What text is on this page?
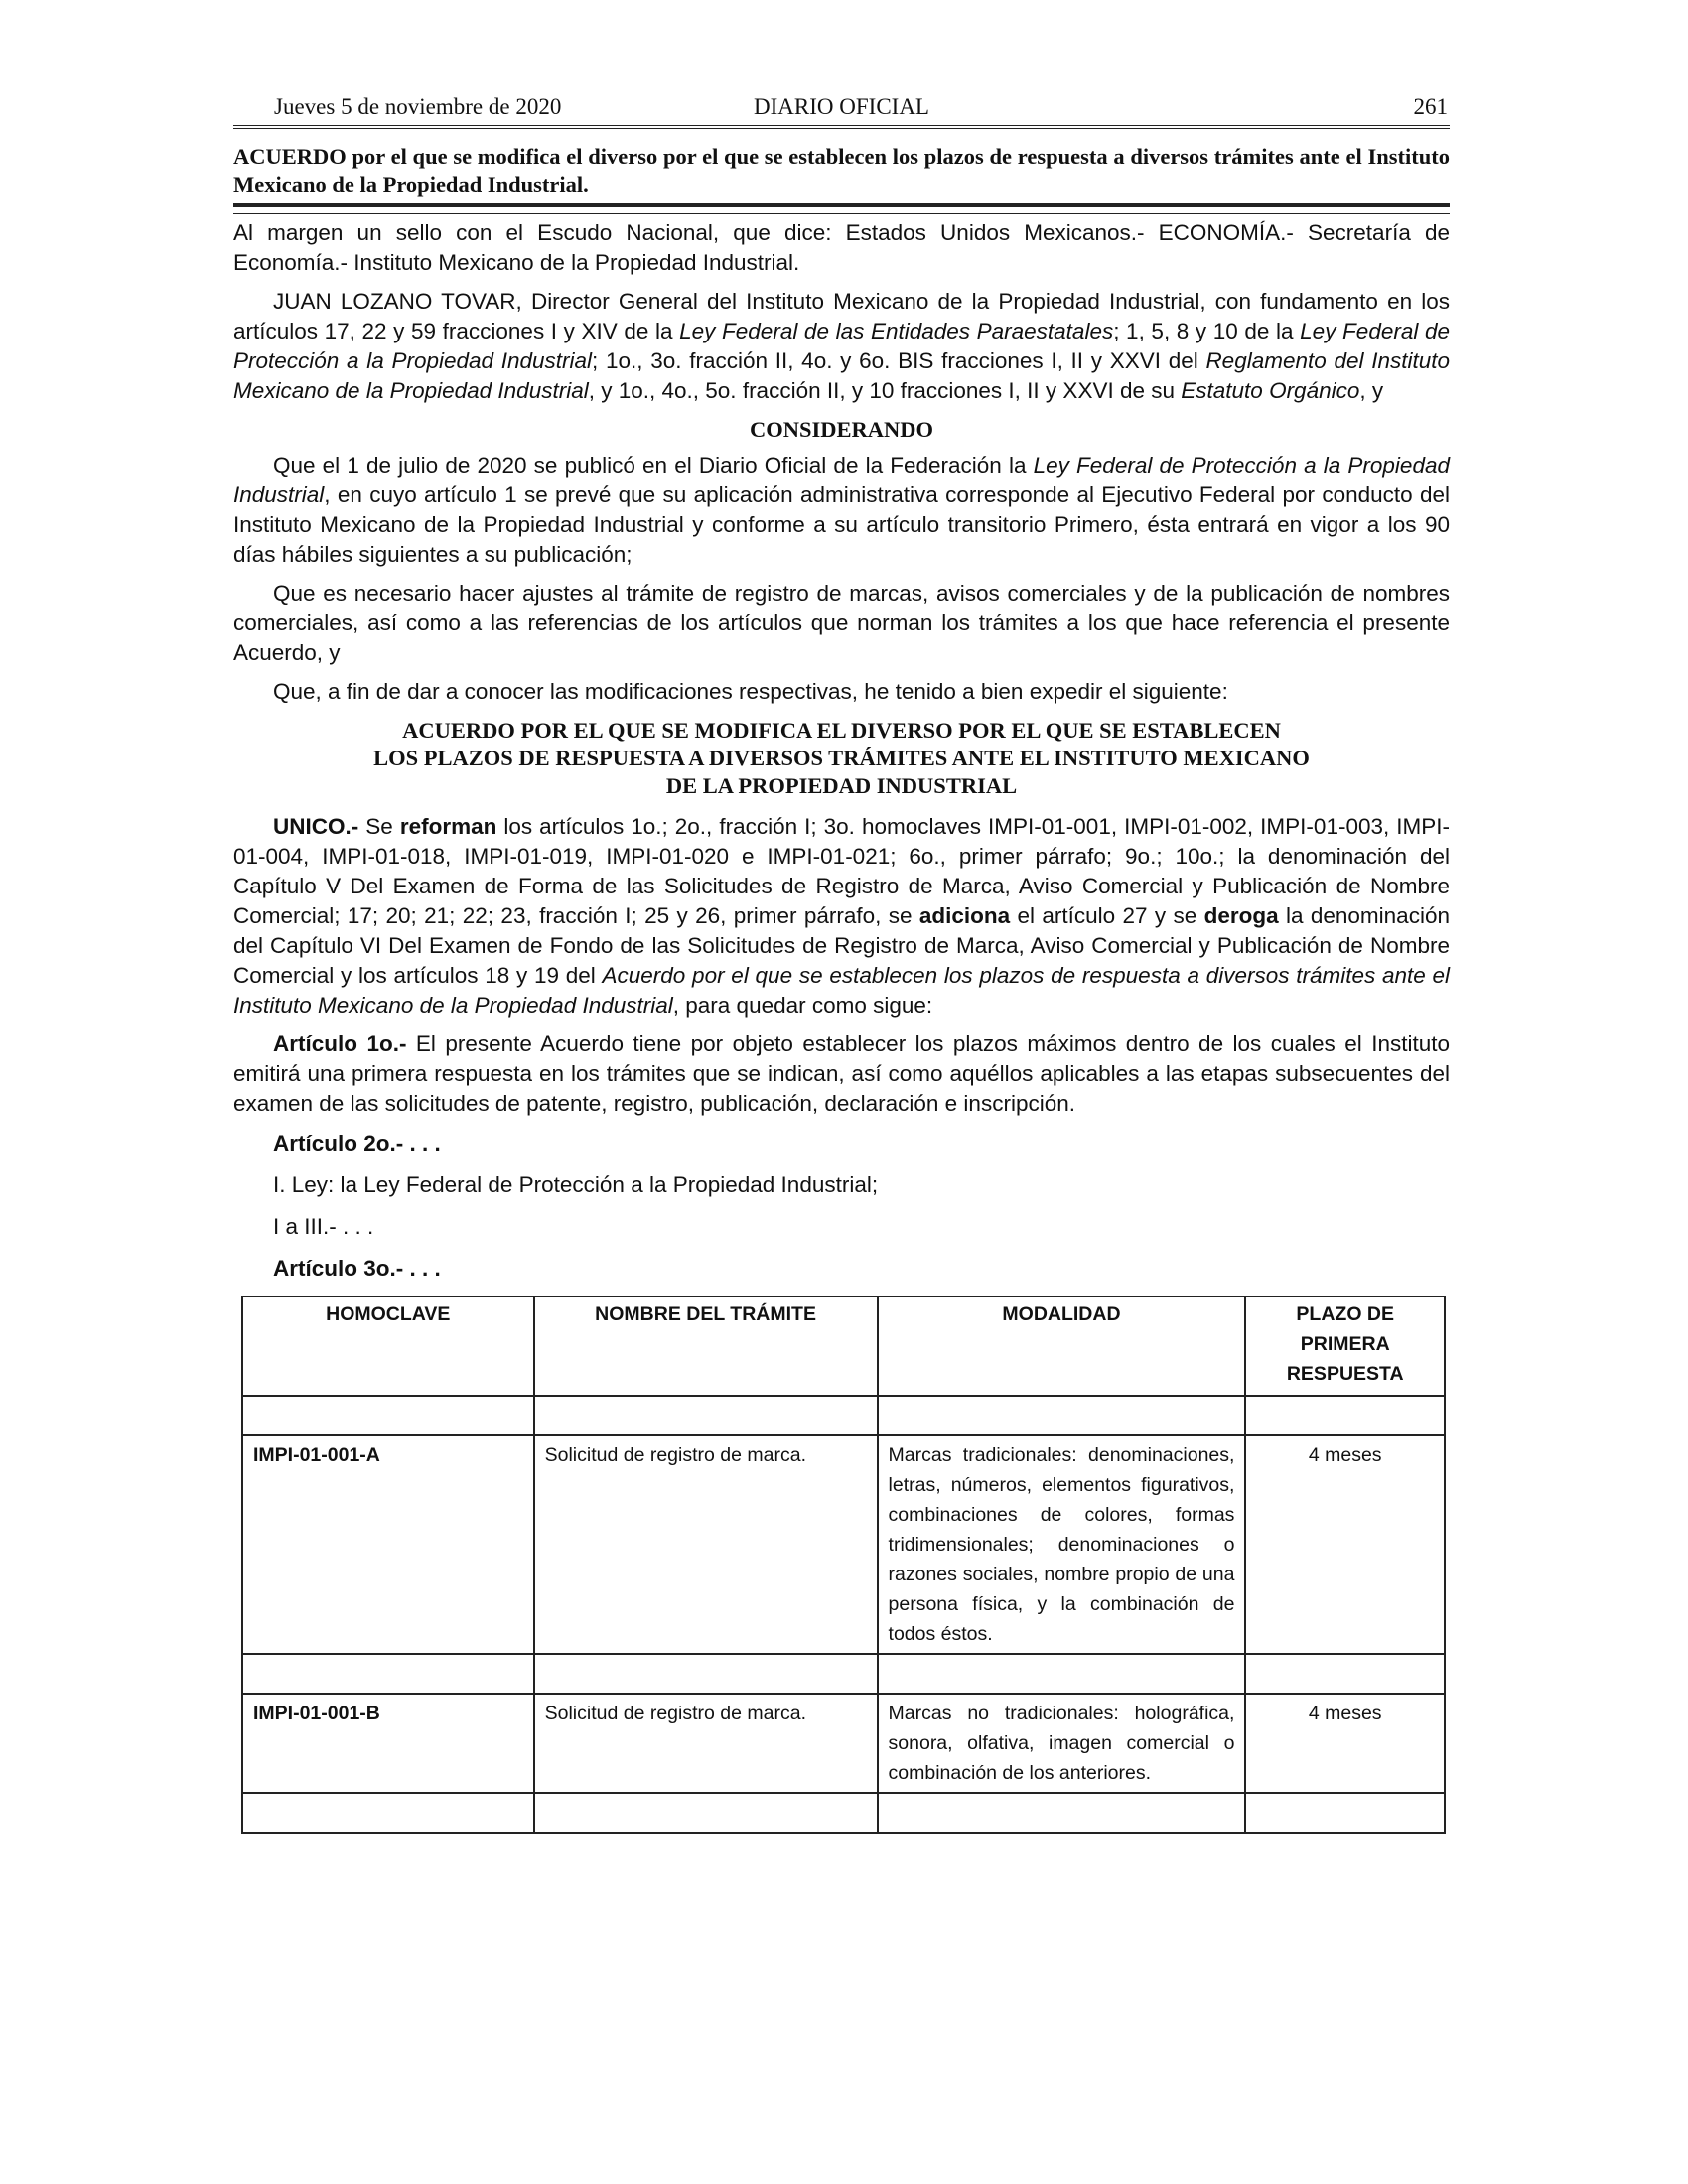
Jueves 5 de noviembre de 2020	DIARIO OFICIAL	261
ACUERDO por el que se modifica el diverso por el que se establecen los plazos de respuesta a diversos trámites ante el Instituto Mexicano de la Propiedad Industrial.

Al margen un sello con el Escudo Nacional, que dice: Estados Unidos Mexicanos.- ECONOMÍA.- Secretaría de Economía.- Instituto Mexicano de la Propiedad Industrial.

JUAN LOZANO TOVAR, Director General del Instituto Mexicano de la Propiedad Industrial, con fundamento en los artículos 17, 22 y 59 fracciones I y XIV de la Ley Federal de las Entidades Paraestatales; 1, 5, 8 y 10 de la Ley Federal de Protección a la Propiedad Industrial; 1o., 3o. fracción II, 4o. y 6o. BIS fracciones I, II y XXVI del Reglamento del Instituto Mexicano de la Propiedad Industrial, y 1o., 4o., 5o. fracción II, y 10 fracciones I, II y XXVI de su Estatuto Orgánico, y

CONSIDERANDO

Que el 1 de julio de 2020 se publicó en el Diario Oficial de la Federación la Ley Federal de Protección a la Propiedad Industrial, en cuyo artículo 1 se prevé que su aplicación administrativa corresponde al Ejecutivo Federal por conducto del Instituto Mexicano de la Propiedad Industrial y conforme a su artículo transitorio Primero, ésta entrará en vigor a los 90 días hábiles siguientes a su publicación;

Que es necesario hacer ajustes al trámite de registro de marcas, avisos comerciales y de la publicación de nombres comerciales, así como a las referencias de los artículos que norman los trámites a los que hace referencia el presente Acuerdo, y

Que, a fin de dar a conocer las modificaciones respectivas, he tenido a bien expedir el siguiente:

ACUERDO POR EL QUE SE MODIFICA EL DIVERSO POR EL QUE SE ESTABLECEN
LOS PLAZOS DE RESPUESTA A DIVERSOS TRÁMITES ANTE EL INSTITUTO MEXICANO
DE LA PROPIEDAD INDUSTRIAL

UNICO.- Se reforman los artículos 1o.; 2o., fracción I; 3o. homoclaves IMPI-01-001, IMPI-01-002, IMPI-01-003, IMPI-01-004, IMPI-01-018, IMPI-01-019, IMPI-01-020 e IMPI-01-021; 6o., primer párrafo; 9o.; 10o.; la denominación del Capítulo V Del Examen de Forma de las Solicitudes de Registro de Marca, Aviso Comercial y Publicación de Nombre Comercial; 17; 20; 21; 22; 23, fracción I; 25 y 26, primer párrafo, se adiciona el artículo 27 y se deroga la denominación del Capítulo VI Del Examen de Fondo de las Solicitudes de Registro de Marca, Aviso Comercial y Publicación de Nombre Comercial y los artículos 18 y 19 del Acuerdo por el que se establecen los plazos de respuesta a diversos trámites ante el Instituto Mexicano de la Propiedad Industrial, para quedar como sigue:

Artículo 1o.- El presente Acuerdo tiene por objeto establecer los plazos máximos dentro de los cuales el Instituto emitirá una primera respuesta en los trámites que se indican, así como aquéllos aplicables a las etapas subsecuentes del examen de las solicitudes de patente, registro, publicación, declaración e inscripción.

Artículo 2o.- . . .
I. Ley: la Ley Federal de Protección a la Propiedad Industrial;
I a III.- . . .
Artículo 3o.- . . .
HOMOCLAVE	NOMBRE DEL TRÁMITE	MODALIDAD	PLAZO DE
PRIMERA
RESPUESTA

IMPI-01-001-A	Solicitud de registro de marca.	Marcas tradicionales: denominaciones, letras, números, elementos figurativos, combinaciones de colores, formas tridimensionales; denominaciones o razones sociales, nombre propio de una persona física, y la combinación de todos éstos.	4 meses

IMPI-01-001-B	Solicitud de registro de marca.	Marcas no tradicionales: holográfica, sonora, olfativa, imagen comercial o combinación de los anteriores.	4 meses
